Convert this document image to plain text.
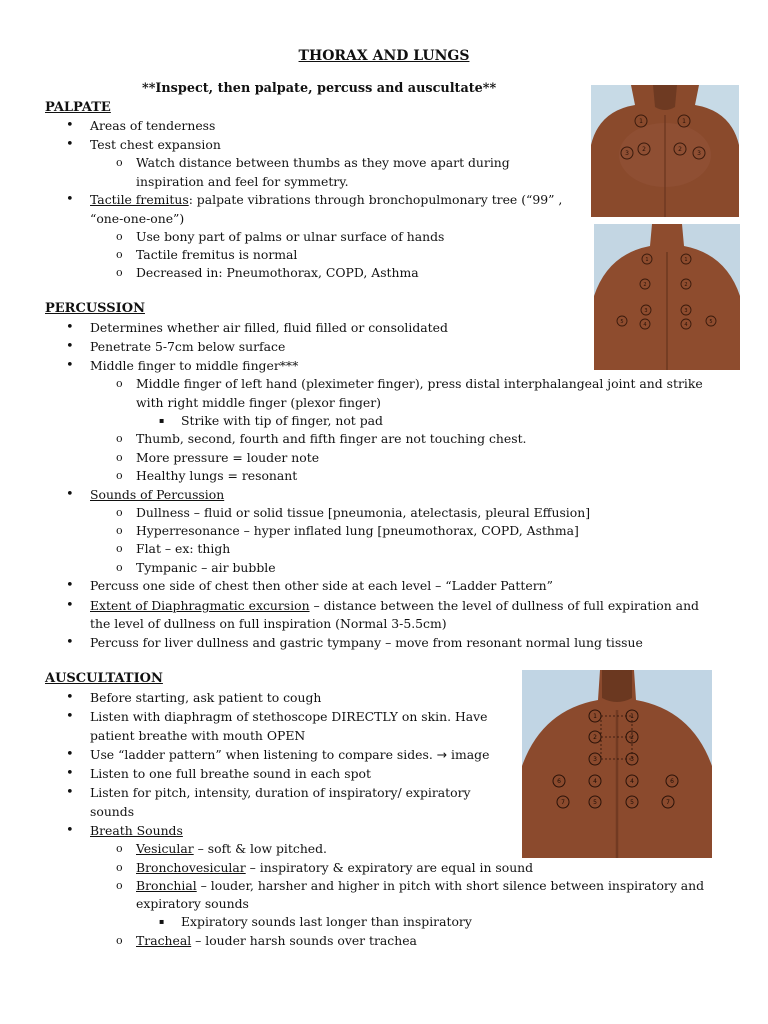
THORAX AND LUNGS
**Inspect, then palpate, percuss and auscultate**
PALPATE
• Areas of tenderness
• Test chest expansion
o Watch distance between thumbs as they move apart during
inspiration and feel for symmetry.
• Tactile fremitus: palpate vibrations through bronchopulmonary tree (“99” ,
“one-one-one”)
o Use bony part of palms or ulnar surface of hands
o Tactile fremitus is normal
o Decreased in: Pneumothorax, COPD, Asthma
PERCUSSION
• Determines whether air filled, fluid filled or consolidated
• Penetrate 5-7cm below surface
• Middle finger to middle finger***
o Middle finger of left hand (pleximeter finger), press distal interphalangeal joint and strike
with right middle finger (plexor finger)
▪ Strike with tip of finger, not pad
o Thumb, second, fourth and fifth finger are not touching chest.
o More pressure = louder note
o Healthy lungs = resonant
• Sounds of Percussion
o Dullness – fluid or solid tissue [pneumonia, atelectasis, pleural Effusion]
o Hyperresonance – hyper inflated lung [pneumothorax, COPD, Asthma]
o Flat – ex: thigh
o Tympanic – air bubble
• Percuss one side of chest then other side at each level – “Ladder Pattern”
• Extent of Diaphragmatic excursion – distance between the level of dullness of full expiration and
the level of dullness on full inspiration (Normal 3-5.5cm)
• Percuss for liver dullness and gastric tympany – move from resonant normal lung tissue
AUSCULTATION
• Before starting, ask patient to cough
• Listen with diaphragm of stethoscope DIRECTLY on skin. Have
patient breathe with mouth OPEN
• Use “ladder pattern” when listening to compare sides. → image
• Listen to one full breathe sound in each spot
• Listen for pitch, intensity, duration of inspiratory/ expiratory
sounds
• Breath Sounds
o Vesicular – soft & low pitched.
o Bronchovesicular – inspiratory & expiratory are equal in sound
o Bronchial – louder, harsher and higher in pitch with short silence between inspiratory and
expiratory sounds
▪ Expiratory sounds last longer than inspiratory
o Tracheal – louder harsh sounds over trachea
1	1
2	2
3	3
1	1
2	2
3	3
4	4
5	5
1	1
2	2
3	3
4	4
5	5
6	6
7	7
